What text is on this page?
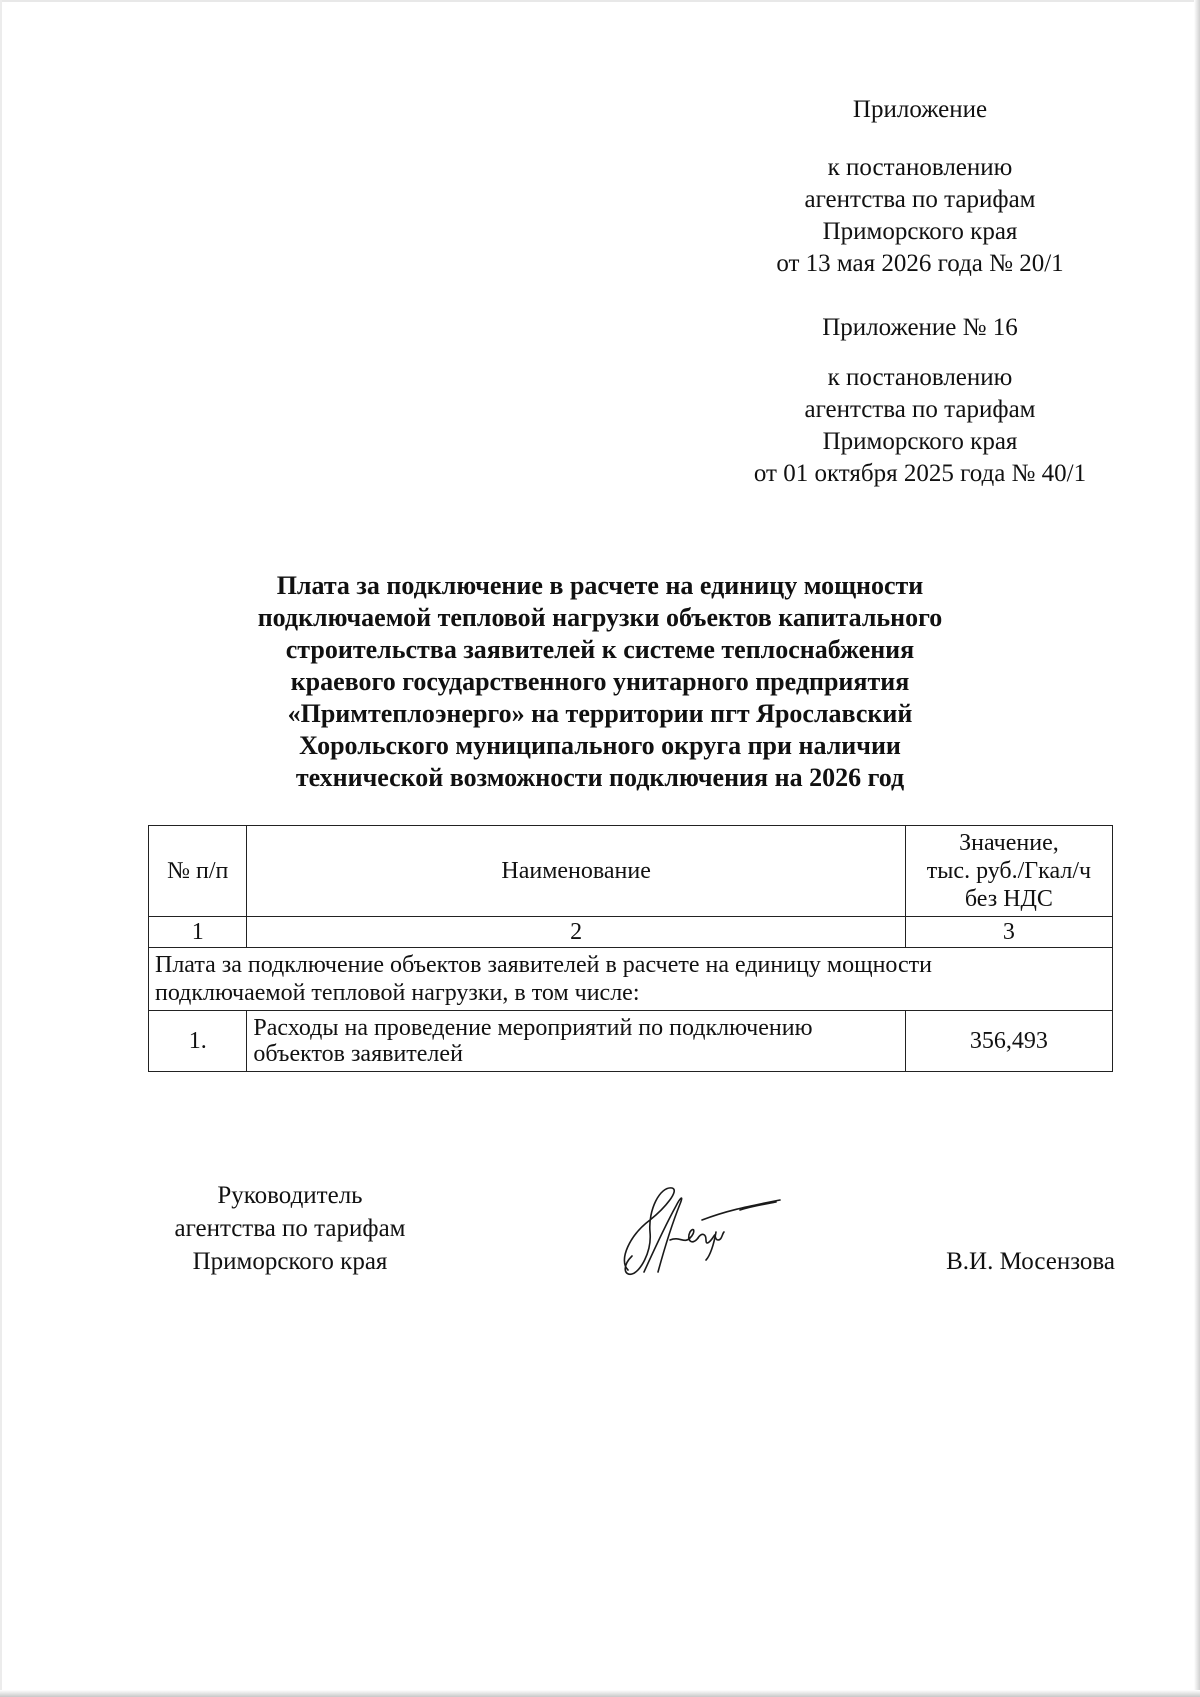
Приложение
к постановлению
агентства по тарифам
Приморского края
от 13 мая 2026 года № 20/1
Приложение № 16
к постановлению
агентства по тарифам
Приморского края
от 01 октября 2025 года № 40/1
Плата за подключение в расчете на единицу мощности
подключаемой тепловой нагрузки объектов капитального
строительства заявителей к системе теплоснабжения
краевого государственного унитарного предприятия
«Примтеплоэнерго» на территории пгт Ярославский
Хорольского муниципального округа при наличии
технической возможности подключения на 2026 год
№ п/п	Наименование	Значение,
тыс. руб./Гкал/ч
без НДС

1	2	3

Плата за подключение объектов заявителей в расчете на единицу мощности
подключаемой тепловой нагрузки, в том числе:		

1.	Расходы на проведение мероприятий по подключению
объектов заявителей	356,493
Руководитель
агентства по тарифам
Приморского края	В.И. Мосензова
